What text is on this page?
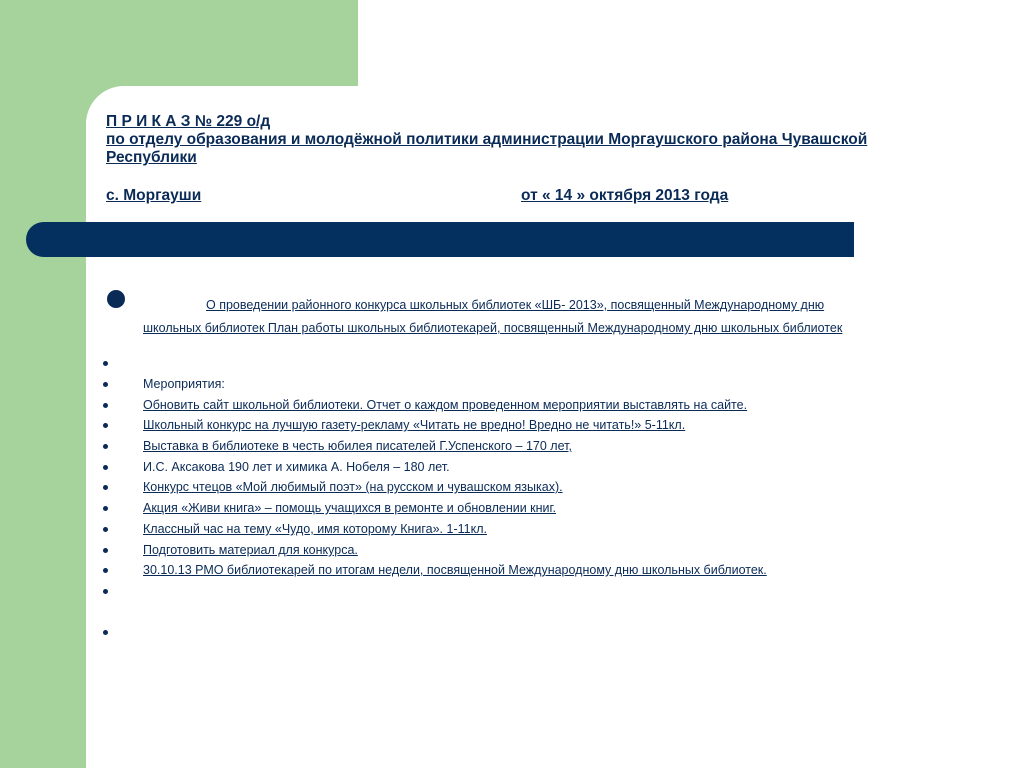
П Р И К А З № 229 о/д
по отделу образования и молодёжной политики администрации Моргаушского района Чувашской
Республики
с. Моргауши	от « 14 » октября 2013 года
О проведении районного конкурса школьных библиотек «ШБ- 2013», посвященный Международному дню
школьных библиотек План работы школьных библиотекарей, посвященный Международному дню школьных библиотек
Мероприятия:
Обновить сайт школьной библиотеки. Отчет о каждом проведенном мероприятии выставлять на сайте.
Школьный конкурс на лучшую газету-рекламу «Читать не вредно! Вредно не читать!» 5-11кл.
Выставка в библиотеке в честь юбилея писателей Г.Успенского – 170 лет,
И.С. Аксакова 190 лет и химика А. Нобеля – 180 лет.
Конкурс чтецов «Мой любимый поэт» (на русском и чувашском языках).
Акция «Живи книга» – помощь учащихся в ремонте и обновлении книг.
Классный час на тему «Чудо, имя которому Книга». 1-11кл.
Подготовить материал для конкурса.
30.10.13 РМО библиотекарей по итогам недели, посвященной Международному дню школьных библиотек.
